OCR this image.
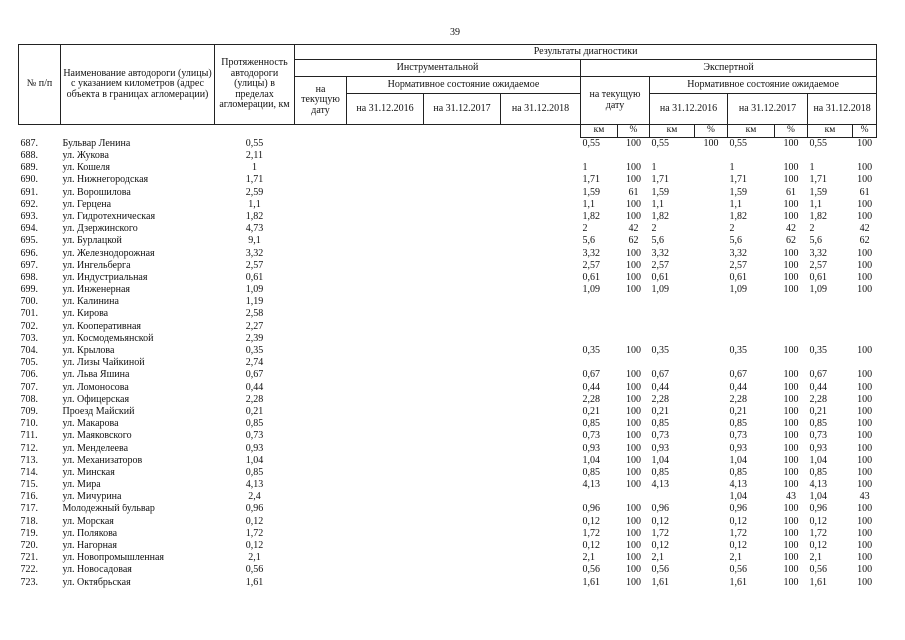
39
№ п/п	Наименование автодороги (улицы) с указанием километров (адрес объекта в границах агломерации)	Протяженность автодороги (улицы) в пределах агломерации, км	Результаты диагностики											
			Инструментальной				Экспертной							
			на текущую дату	Нормативное состояние ожидаемое			на текущую дату		Нормативное состояние ожидаемое					
				на 31.12.2016	на 31.12.2017	на 31.12.2018			на 31.12.2016		на 31.12.2017		на 31.12.2018	
							км	%	км	%	км	%	км	%
687.	Бульвар Ленина	0,55					0,55	100	0,55	100	0,55	100	0,55	100
688.	ул. Жукова	2,11												
689.	ул. Кошеля	1					1	100	1		1	100	1	100
690.	ул. Нижнегородская	1,71					1,71	100	1,71		1,71	100	1,71	100
691.	ул. Ворошилова	2,59					1,59	61	1,59		1,59	61	1,59	61
692.	ул. Герцена	1,1					1,1	100	1,1		1,1	100	1,1	100
693.	ул. Гидротехническая	1,82					1,82	100	1,82		1,82	100	1,82	100
694.	ул. Дзержинского	4,73					2	42	2		2	42	2	42
695.	ул. Бурлацкой	9,1					5,6	62	5,6		5,6	62	5,6	62
696.	ул. Железнодорожная	3,32					3,32	100	3,32		3,32	100	3,32	100
697.	ул. Ингельберга	2,57					2,57	100	2,57		2,57	100	2,57	100
698.	ул. Индустриальная	0,61					0,61	100	0,61		0,61	100	0,61	100
699.	ул. Инженерная	1,09					1,09	100	1,09		1,09	100	1,09	100
700.	ул. Калинина	1,19												
701.	ул. Кирова	2,58												
702.	ул. Кооперативная	2,27												
703.	ул. Космодемьянской	2,39												
704.	ул. Крылова	0,35					0,35	100	0,35		0,35	100	0,35	100
705.	ул. Лизы Чайкиной	2,74												
706.	ул. Льва Яшина	0,67					0,67	100	0,67		0,67	100	0,67	100
707.	ул. Ломоносова	0,44					0,44	100	0,44		0,44	100	0,44	100
708.	ул. Офицерская	2,28					2,28	100	2,28		2,28	100	2,28	100
709.	Проезд Майский	0,21					0,21	100	0,21		0,21	100	0,21	100
710.	ул. Макарова	0,85					0,85	100	0,85		0,85	100	0,85	100
711.	ул. Маяковского	0,73					0,73	100	0,73		0,73	100	0,73	100
712.	ул. Менделеева	0,93					0,93	100	0,93		0,93	100	0,93	100
713.	ул. Механизаторов	1,04					1,04	100	1,04		1,04	100	1,04	100
714.	ул. Минская	0,85					0,85	100	0,85		0,85	100	0,85	100
715.	ул. Мира	4,13					4,13	100	4,13		4,13	100	4,13	100
716.	ул. Мичурина	2,4									1,04	43	1,04	43
717.	Молодежный бульвар	0,96					0,96	100	0,96		0,96	100	0,96	100
718.	ул. Морская	0,12					0,12	100	0,12		0,12	100	0,12	100
719.	ул. Полякова	1,72					1,72	100	1,72		1,72	100	1,72	100
720.	ул. Нагорная	0,12					0,12	100	0,12		0,12	100	0,12	100
721.	ул. Новопромышленная	2,1					2,1	100	2,1		2,1	100	2,1	100
722.	ул. Новосадовая	0,56					0,56	100	0,56		0,56	100	0,56	100
723.	ул. Октябрьская	1,61					1,61	100	1,61		1,61	100	1,61	100
